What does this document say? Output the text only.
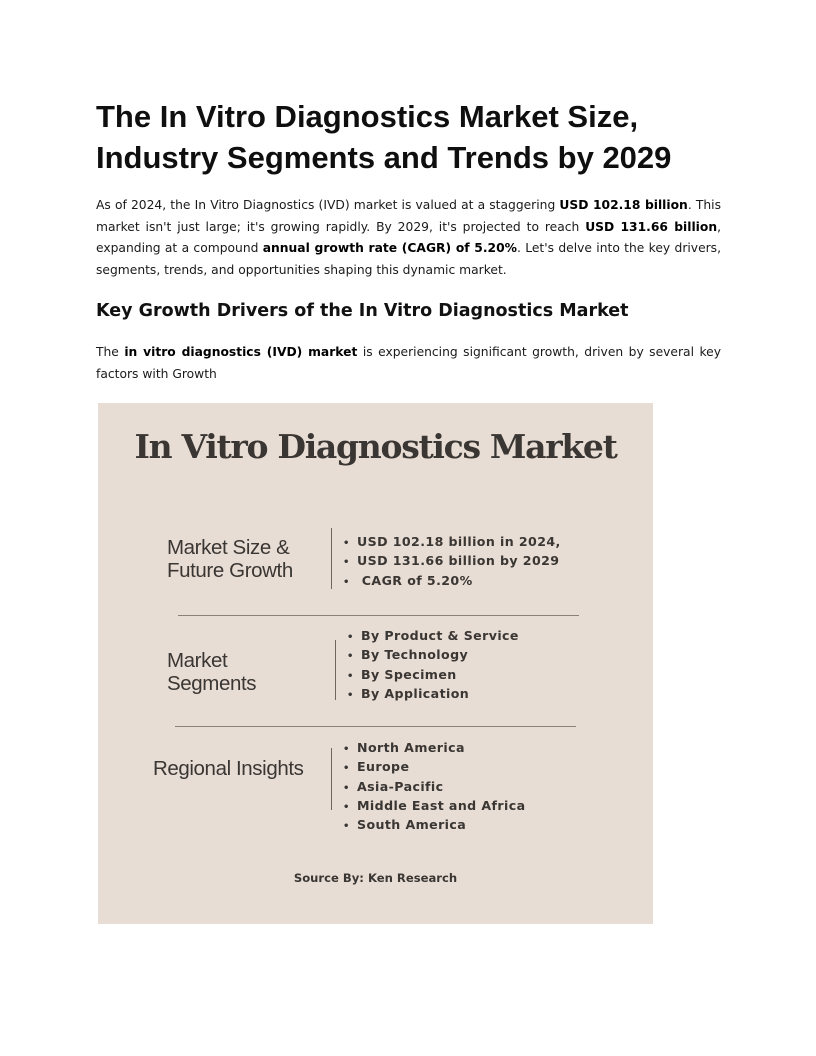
The In Vitro Diagnostics Market Size, Industry Segments and Trends by 2029

As of 2024, the In Vitro Diagnostics (IVD) market is valued at a staggering USD 102.18 billion. This market isn't just large; it's growing rapidly. By 2029, it's projected to reach USD 131.66 billion, expanding at a compound annual growth rate (CAGR) of 5.20%. Let's delve into the key drivers, segments, trends, and opportunities shaping this dynamic market.

Key Growth Drivers of the In Vitro Diagnostics Market

The in vitro diagnostics (IVD) market is experiencing significant growth, driven by several key factors with Growth

In Vitro Diagnostics Market
Market Size & Future Growth
• USD 102.18 billion in 2024,
• USD 131.66 billion by 2029
• CAGR of 5.20%
Market Segments
• By Product & Service
• By Technology
• By Specimen
• By Application
Regional Insights
• North America
• Europe
• Asia-Pacific
• Middle East and Africa
• South America
Source By: Ken Research
